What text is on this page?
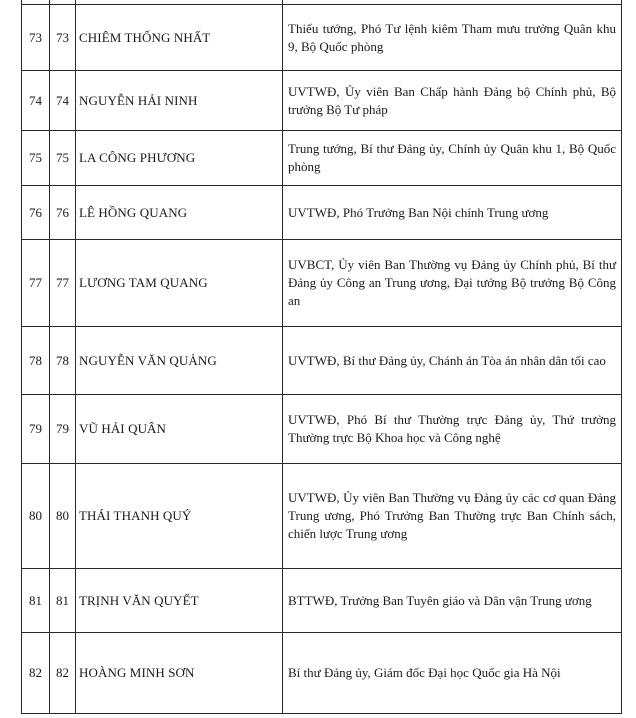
73	73	CHIÊM THỐNG NHẤT	Thiếu tướng, Phó Tư lệnh kiêm Tham mưu trưởng Quân khu 9, Bộ Quốc phòng
74	74	NGUYỄN HẢI NINH	UVTWĐ, Ủy viên Ban Chấp hành Đảng bộ Chính phủ, Bộ trưởng Bộ Tư pháp
75	75	LA CÔNG PHƯƠNG	Trung tướng, Bí thư Đảng ủy, Chính ủy Quân khu 1, Bộ Quốc phòng
76	76	LÊ HỒNG QUANG	UVTWĐ, Phó Trưởng Ban Nội chính Trung ương
77	77	LƯƠNG TAM QUANG	UVBCT, Ủy viên Ban Thường vụ Đảng ủy Chính phủ, Bí thư Đảng ủy Công an Trung ương, Đại tướng Bộ trưởng Bộ Công an
78	78	NGUYỄN VĂN QUẢNG	UVTWĐ, Bí thư Đảng ủy, Chánh án Tòa án nhân dân tối cao
79	79	VŨ HẢI QUÂN	UVTWĐ, Phó Bí thư Thường trực Đảng ủy, Thứ trưởng Thường trực Bộ Khoa học và Công nghệ
80	80	THÁI THANH QUÝ	UVTWĐ, Ủy viên Ban Thường vụ Đảng ủy các cơ quan Đảng Trung ương, Phó Trưởng Ban Thường trực Ban Chính sách, chiến lược Trung ương
81	81	TRỊNH VĂN QUYẾT	BTTWĐ, Trưởng Ban Tuyên giáo và Dân vận Trung ương
82	82	HOÀNG MINH SƠN	Bí thư Đảng ủy, Giám đốc Đại học Quốc gia Hà Nội
